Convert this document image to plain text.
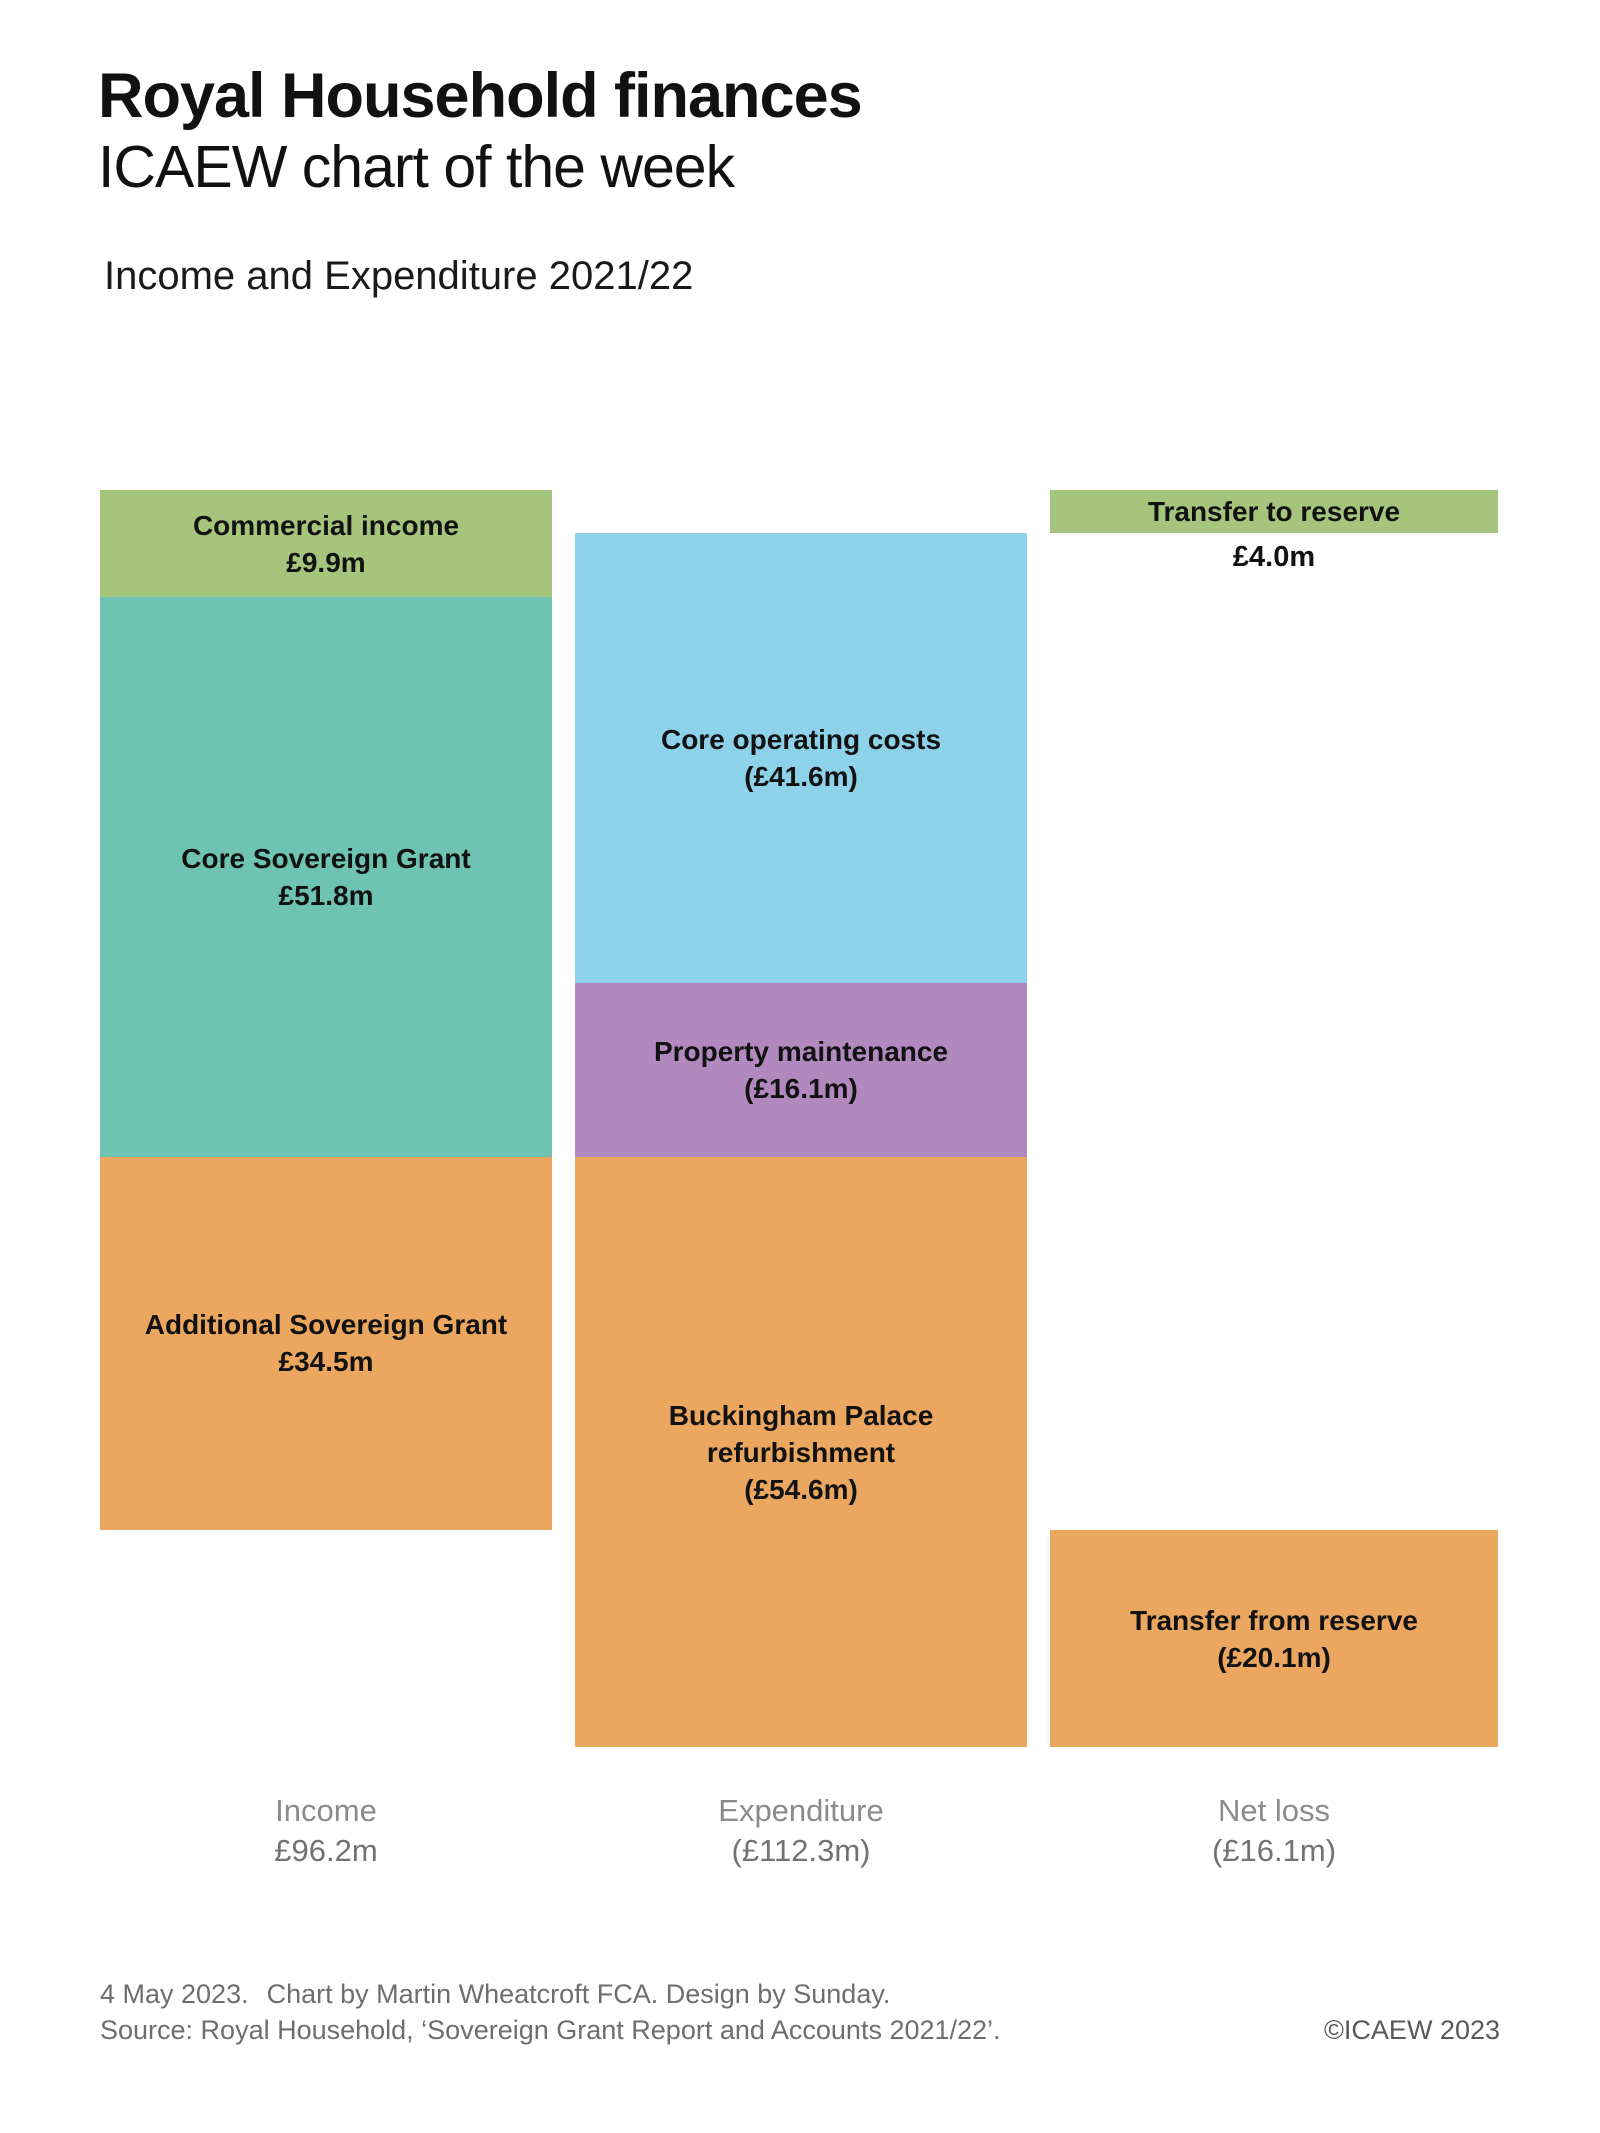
Royal Household finances
ICAEW chart of the week
Income and Expenditure 2021/22
Income
£96.2m
Commercial income
£9.9m
Core Sovereign Grant
£51.8m
Additional Sovereign Grant
£34.5m
Expenditure
(£112.3m)
Core operating costs
(£41.6m)
Property maintenance
(£16.1m)
Buckingham Palace refurbishment
(£54.6m)
Net loss
(£16.1m)
Transfer to reserve
£4.0m
Transfer from reserve
(£20.1m)
4 May 2023. Chart by Martin Wheatcroft FCA. Design by Sunday.
Source: Royal Household, ‘Sovereign Grant Report and Accounts 2021/22’.	©ICAEW 2023
